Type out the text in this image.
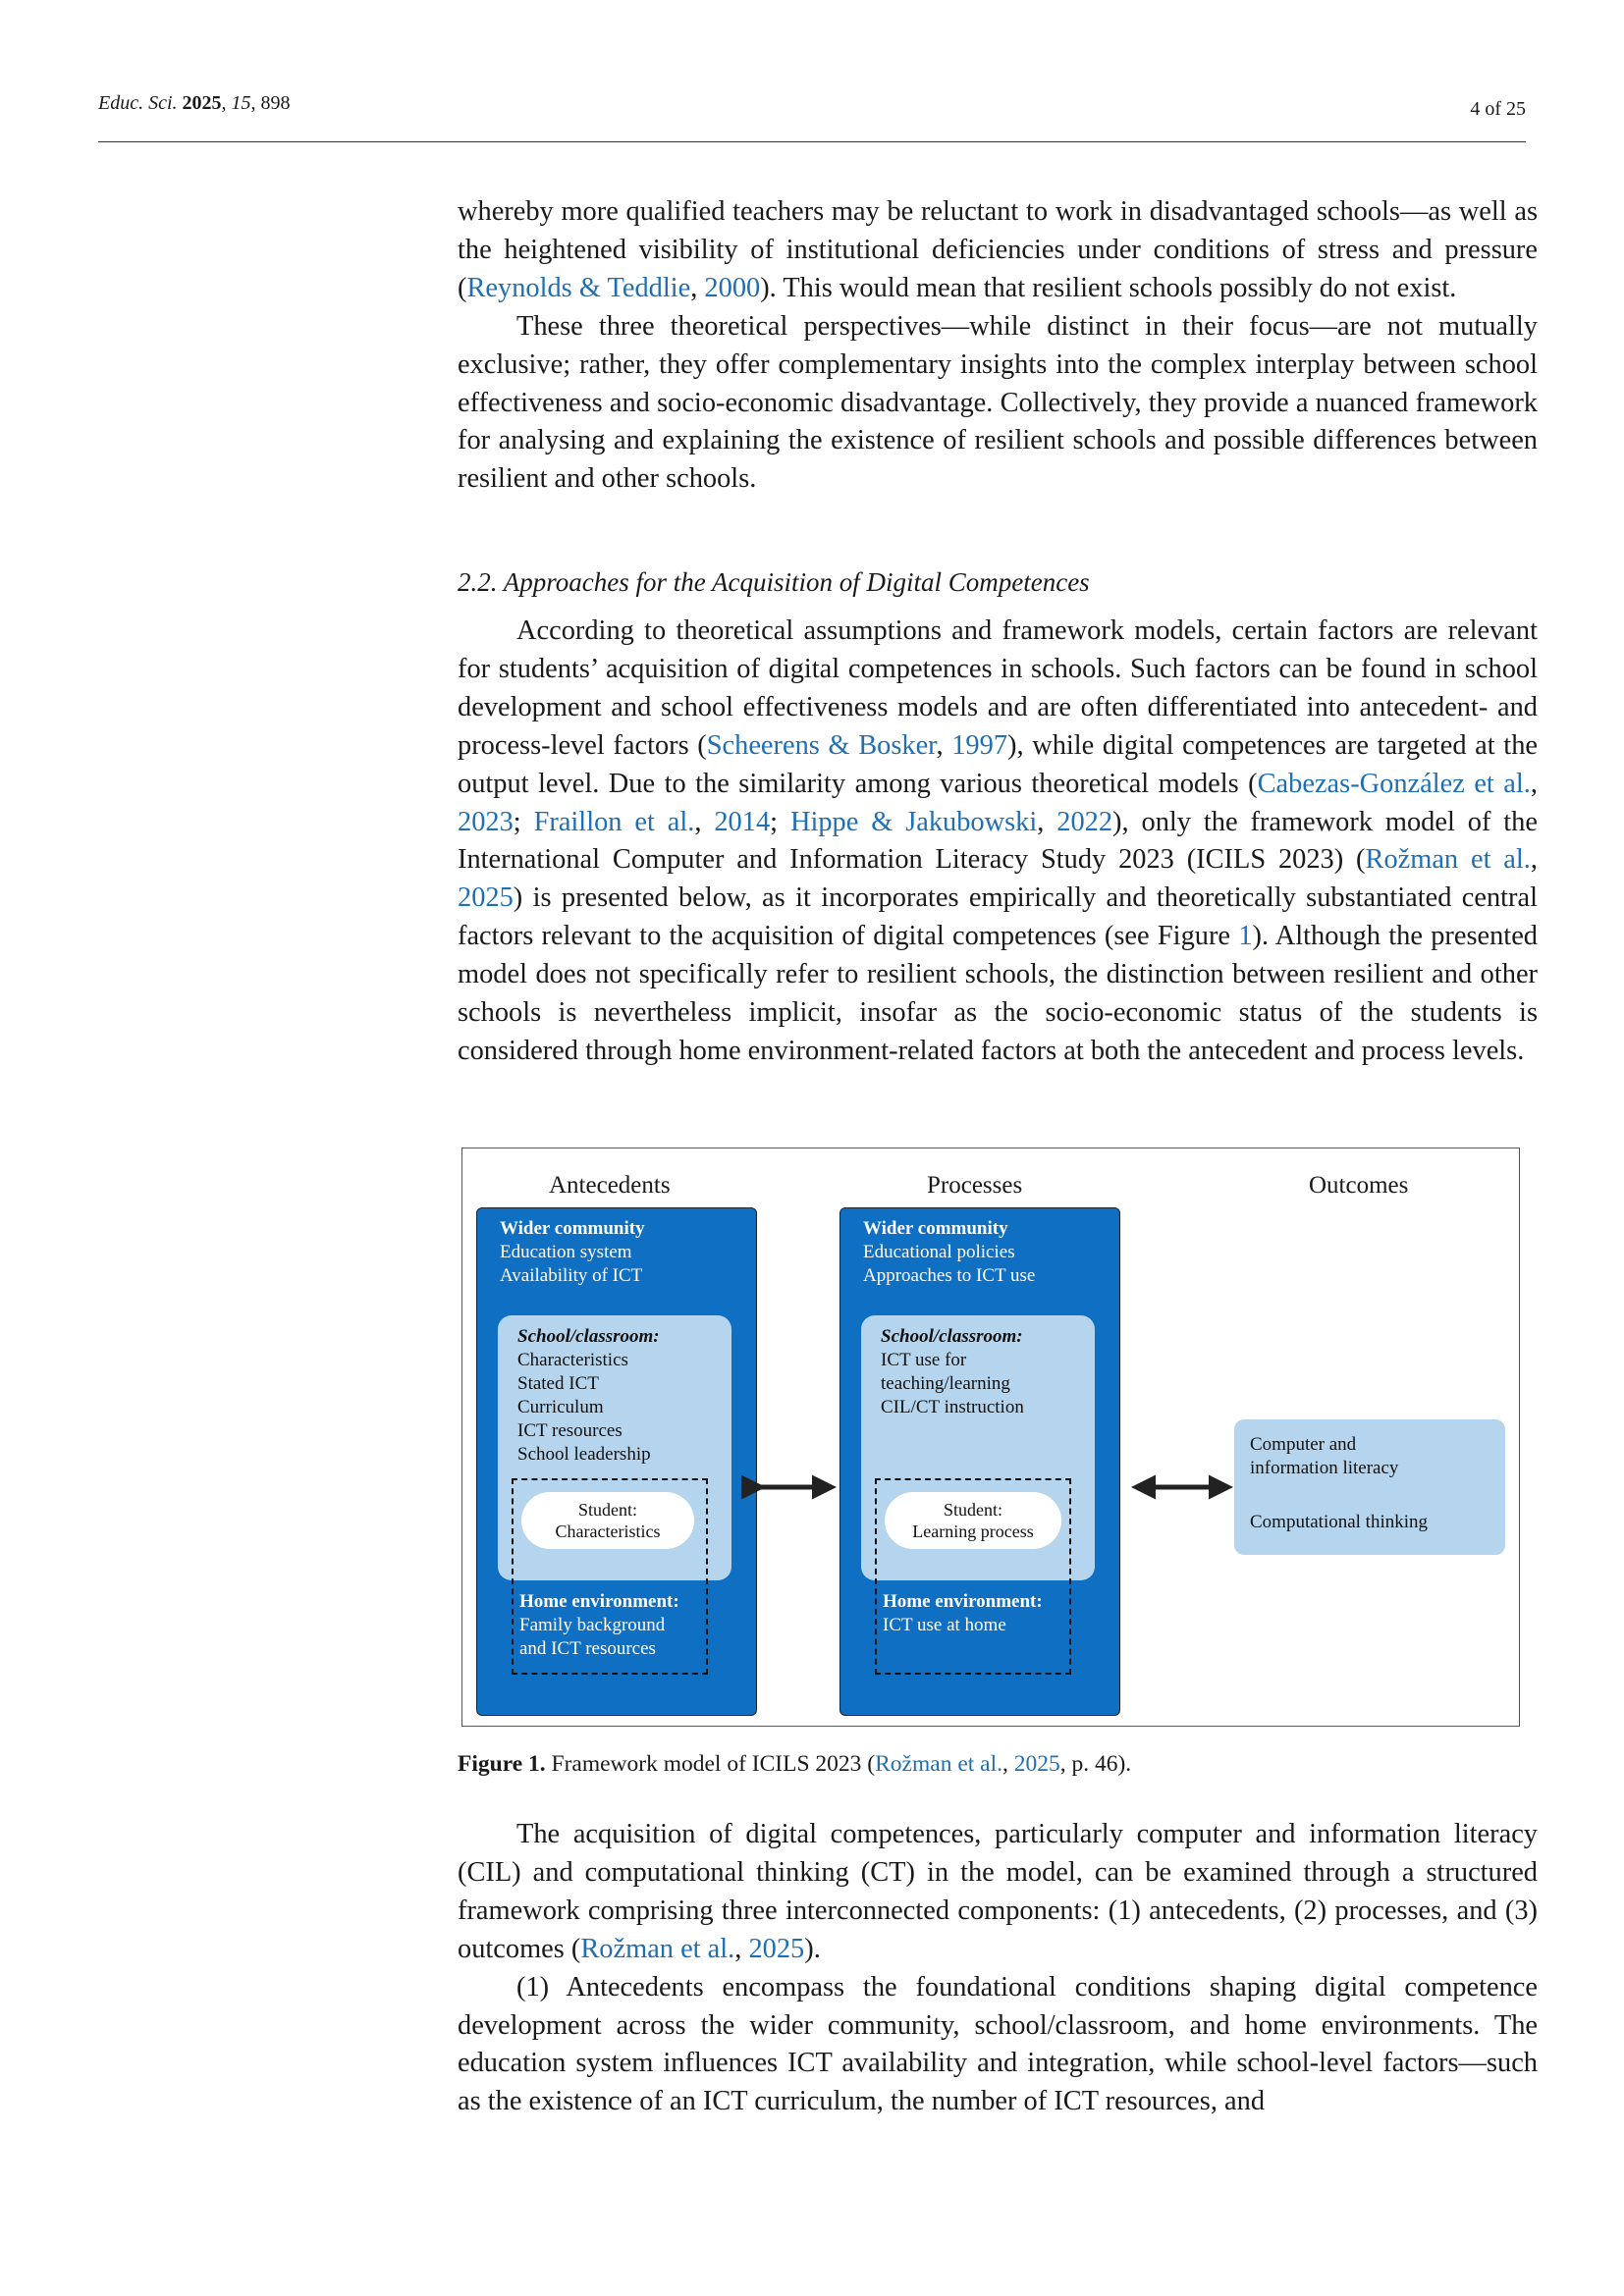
Educ. Sci. 2025, 15, 898	4 of 25

whereby more qualified teachers may be reluctant to work in disadvantaged schools—as well as the heightened visibility of institutional deficiencies under conditions of stress and pressure (Reynolds & Teddlie, 2000). This would mean that resilient schools possibly do not exist.

These three theoretical perspectives—while distinct in their focus—are not mutually exclusive; rather, they offer complementary insights into the complex interplay between school effectiveness and socio-economic disadvantage. Collectively, they provide a nuanced framework for analysing and explaining the existence of resilient schools and possible differences between resilient and other schools.

2.2. Approaches for the Acquisition of Digital Competences

According to theoretical assumptions and framework models, certain factors are relevant for students’ acquisition of digital competences in schools. Such factors can be found in school development and school effectiveness models and are often differentiated into antecedent- and process-level factors (Scheerens & Bosker, 1997), while digital competences are targeted at the output level. Due to the similarity among various theoretical models (Cabezas-González et al., 2023; Fraillon et al., 2014; Hippe & Jakubowski, 2022), only the framework model of the International Computer and Information Literacy Study 2023 (ICILS 2023) (Rožman et al., 2025) is presented below, as it incorporates empirically and theoretically substantiated central factors relevant to the acquisition of digital competences (see Figure 1). Although the presented model does not specifically refer to resilient schools, the distinction between resilient and other schools is nevertheless implicit, insofar as the socio-economic status of the students is considered through home environment-related factors at both the antecedent and process levels.

Antecedents	Processes	Outcomes
Wider community
Education system
Availability of ICT
School/classroom:
Characteristics
Stated ICT
Curriculum
ICT resources
School leadership
Student:
Characteristics
Home environment:
Family background
and ICT resources
Wider community
Educational policies
Approaches to ICT use
School/classroom:
ICT use for
teaching/learning
CIL/CT instruction
Student:
Learning process
Home environment:
ICT use at home
Computer and
information literacy

Computational thinking
Figure 1. Framework model of ICILS 2023 (Rožman et al., 2025, p. 46).

The acquisition of digital competences, particularly computer and information literacy (CIL) and computational thinking (CT) in the model, can be examined through a structured framework comprising three interconnected components: (1) antecedents, (2) processes, and (3) outcomes (Rožman et al., 2025).

(1) Antecedents encompass the foundational conditions shaping digital competence development across the wider community, school/classroom, and home environments. The education system influences ICT availability and integration, while school-level factors—such as the existence of an ICT curriculum, the number of ICT resources, and
